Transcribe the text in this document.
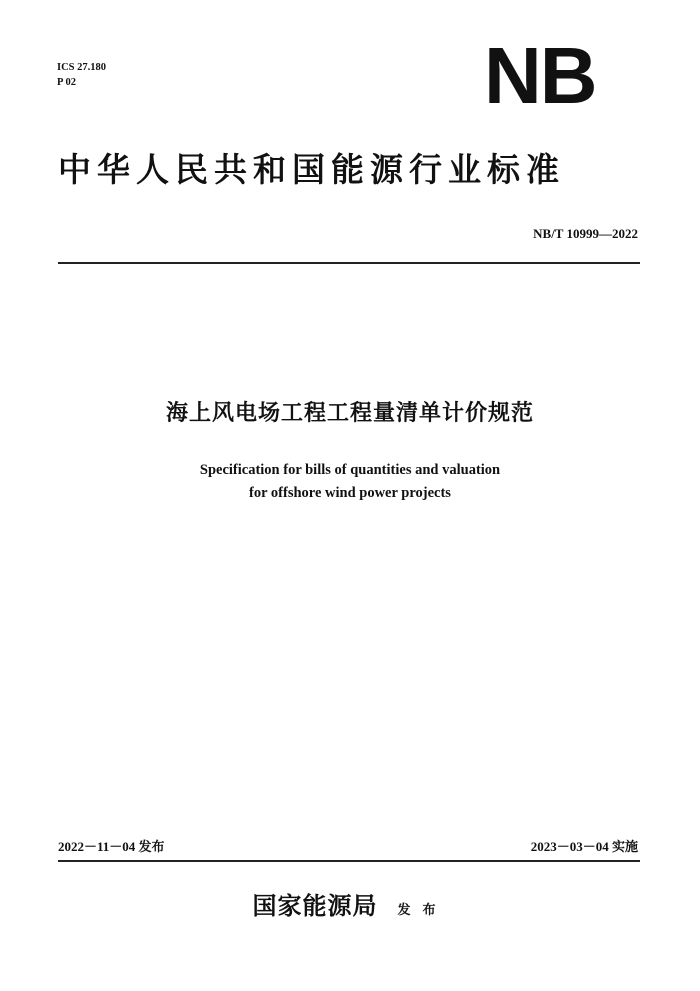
ICS 27.180
P 02	NB
中华人民共和国能源行业标准
NB/T 10999—2022
海上风电场工程工程量清单计价规范
Specification for bills of quantities and valuation
for offshore wind power projects
2022－11－04 发布	2023－03－04 实施
国家能源局 发布
